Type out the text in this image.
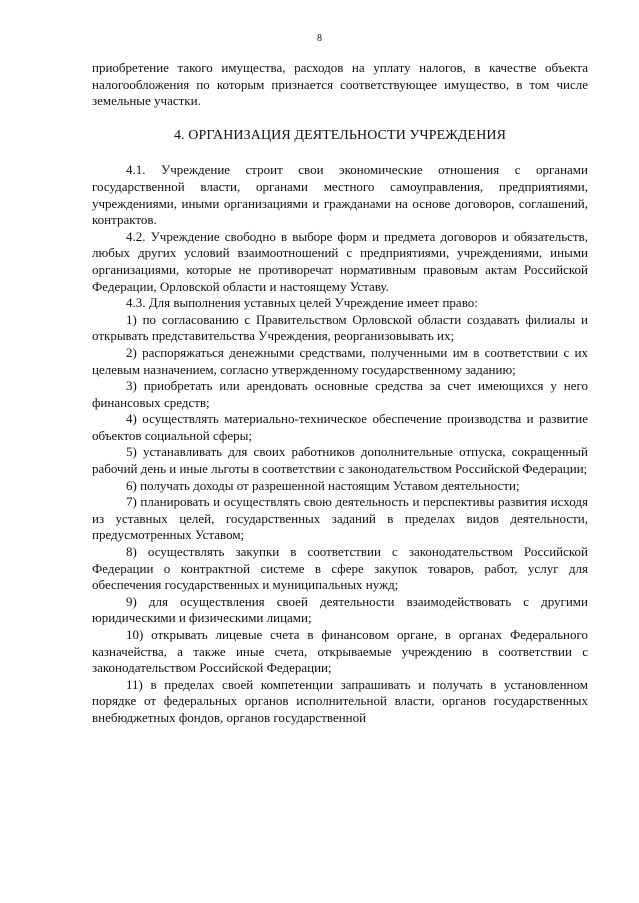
8

приобретение такого имущества, расходов на уплату налогов, в качестве объекта налогообложения по которым признается соответствующее имущество, в том числе земельные участки.

4. ОРГАНИЗАЦИЯ ДЕЯТЕЛЬНОСТИ УЧРЕЖДЕНИЯ

4.1. Учреждение строит свои экономические отношения с органами государственной власти, органами местного самоуправления, предприятиями, учреждениями, иными организациями и гражданами на основе договоров, соглашений, контрактов.

4.2. Учреждение свободно в выборе форм и предмета договоров и обязательств, любых других условий взаимоотношений с предприятиями, учреждениями, иными организациями, которые не противоречат нормативным правовым актам Российской Федерации, Орловской области и настоящему Уставу.

4.3. Для выполнения уставных целей Учреждение имеет право:

1) по согласованию с Правительством Орловской области создавать филиалы и открывать представительства Учреждения, реорганизовывать их;

2) распоряжаться денежными средствами, полученными им в соответствии с их целевым назначением, согласно утвержденному государственному заданию;

3) приобретать или арендовать основные средства за счет имеющихся у него финансовых средств;

4) осуществлять материально-техническое обеспечение производства и развитие объектов социальной сферы;

5) устанавливать для своих работников дополнительные отпуска, сокращенный рабочий день и иные льготы в соответствии с законодательством Российской Федерации;

6) получать доходы от разрешенной настоящим Уставом деятельности;

7) планировать и осуществлять свою деятельность и перспективы развития исходя из уставных целей, государственных заданий в пределах видов деятельности, предусмотренных Уставом;

8) осуществлять закупки в соответствии с законодательством Российской Федерации о контрактной системе в сфере закупок товаров, работ, услуг для обеспечения государственных и муниципальных нужд;

9) для осуществления своей деятельности взаимодействовать с другими юридическими и физическими лицами;

10) открывать лицевые счета в финансовом органе, в органах Федерального казначейства, а также иные счета, открываемые учреждению в соответствии с законодательством Российской Федерации;

11) в пределах своей компетенции запрашивать и получать в установленном порядке от федеральных органов исполнительной власти, органов государственных внебюджетных фондов, органов государственной
